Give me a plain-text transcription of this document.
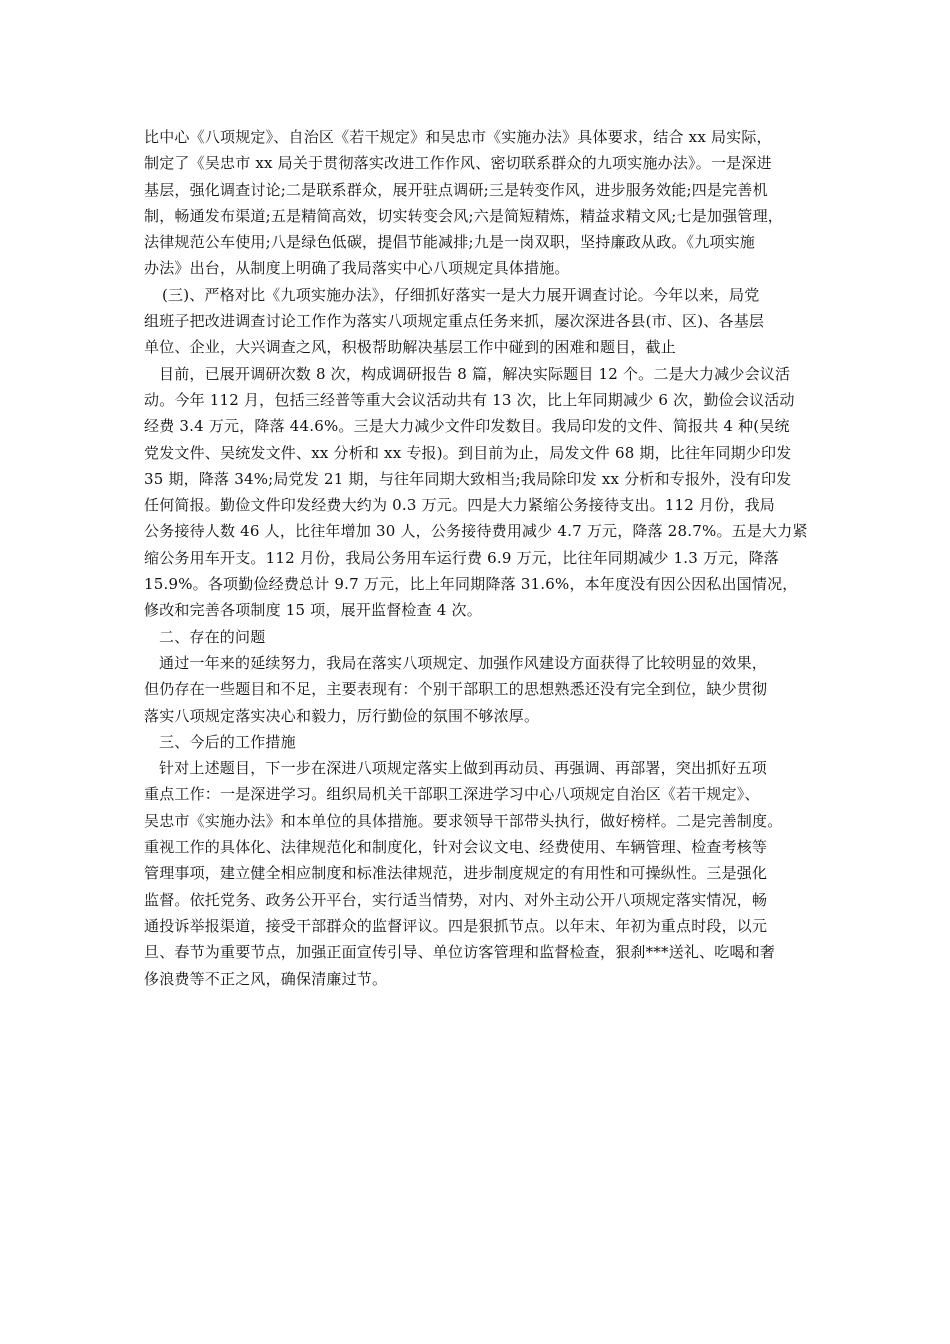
比中心《八项规定》、自治区《若干规定》和吴忠市《实施办法》具体要求，结合 xx 局实际，
制定了《吴忠市 xx 局关于贯彻落实改进工作作风、密切联系群众的九项实施办法》。一是深进
基层，强化调查讨论;二是联系群众，展开驻点调研;三是转变作风，进步服务效能;四是完善机
制，畅通发布渠道;五是精简高效，切实转变会风;六是简短精炼，精益求精文风;七是加强管理，
法律规范公车使用;八是绿色低碳，提倡节能减排;九是一岗双职，坚持廉政从政。《九项实施
办法》出台，从制度上明确了我局落实中心八项规定具体措施。
(三)、严格对比《九项实施办法》，仔细抓好落实一是大力展开调查讨论。今年以来，局党
组班子把改进调查讨论工作作为落实八项规定重点任务来抓，屡次深进各县(市、区)、各基层
单位、企业，大兴调查之风，积极帮助解决基层工作中碰到的困难和题目，截止
目前，已展开调研次数 8 次，构成调研报告 8 篇，解决实际题目 12 个。二是大力减少会议活
动。今年 112 月，包括三经普等重大会议活动共有 13 次，比上年同期减少 6 次，勤俭会议活动
经费 3.4 万元，降落 44.6%。三是大力减少文件印发数目。我局印发的文件、简报共 4 种(吴统
党发文件、吴统发文件、xx 分析和 xx 专报)。到目前为止，局发文件 68 期，比往年同期少印发
35 期，降落 34%;局党发 21 期，与往年同期大致相当;我局除印发 xx 分析和专报外，没有印发
任何简报。勤俭文件印发经费大约为 0.3 万元。四是大力紧缩公务接待支出。112 月份，我局
公务接待人数 46 人，比往年增加 30 人，公务接待费用减少 4.7 万元，降落 28.7%。五是大力紧
缩公务用车开支。112 月份，我局公务用车运行费 6.9 万元，比往年同期减少 1.3 万元，降落
15.9%。各项勤俭经费总计 9.7 万元，比上年同期降落 31.6%，本年度没有因公因私出国情况，
修改和完善各项制度 15 项，展开监督检查 4 次。
二、存在的问题
通过一年来的延续努力，我局在落实八项规定、加强作风建设方面获得了比较明显的效果，
但仍存在一些题目和不足，主要表现有：个别干部职工的思想熟悉还没有完全到位，缺少贯彻
落实八项规定落实决心和毅力，厉行勤俭的氛围不够浓厚。
三、今后的工作措施
针对上述题目，下一步在深进八项规定落实上做到再动员、再强调、再部署，突出抓好五项
重点工作：一是深进学习。组织局机关干部职工深进学习中心八项规定自治区《若干规定》、
吴忠市《实施办法》和本单位的具体措施。要求领导干部带头执行，做好榜样。二是完善制度。
重视工作的具体化、法律规范化和制度化，针对会议文电、经费使用、车辆管理、检查考核等
管理事项，建立健全相应制度和标准法律规范，进步制度规定的有用性和可操纵性。三是强化
监督。依托党务、政务公开平台，实行适当情势，对内、对外主动公开八项规定落实情况，畅
通投诉举报渠道，接受干部群众的监督评议。四是狠抓节点。以年末、年初为重点时段，以元
旦、春节为重要节点，加强正面宣传引导、单位访客管理和监督检查，狠刹***送礼、吃喝和奢
侈浪费等不正之风，确保清廉过节。
